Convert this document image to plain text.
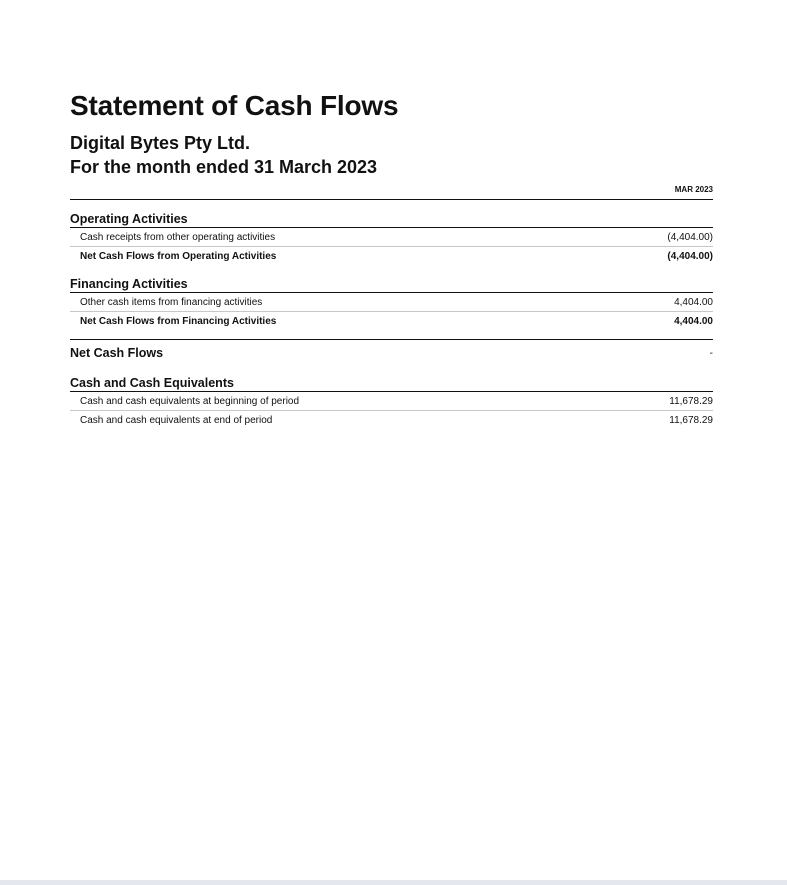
Statement of Cash Flows
Digital Bytes Pty Ltd.
For the month ended 31 March 2023
MAR 2023
Operating Activities
Cash receipts from other operating activities	(4,404.00)
Net Cash Flows from Operating Activities	(4,404.00)
Financing Activities
Other cash items from financing activities	4,404.00
Net Cash Flows from Financing Activities	4,404.00
Net Cash Flows	-
Cash and Cash Equivalents
Cash and cash equivalents at beginning of period	11,678.29
Cash and cash equivalents at end of period	11,678.29
